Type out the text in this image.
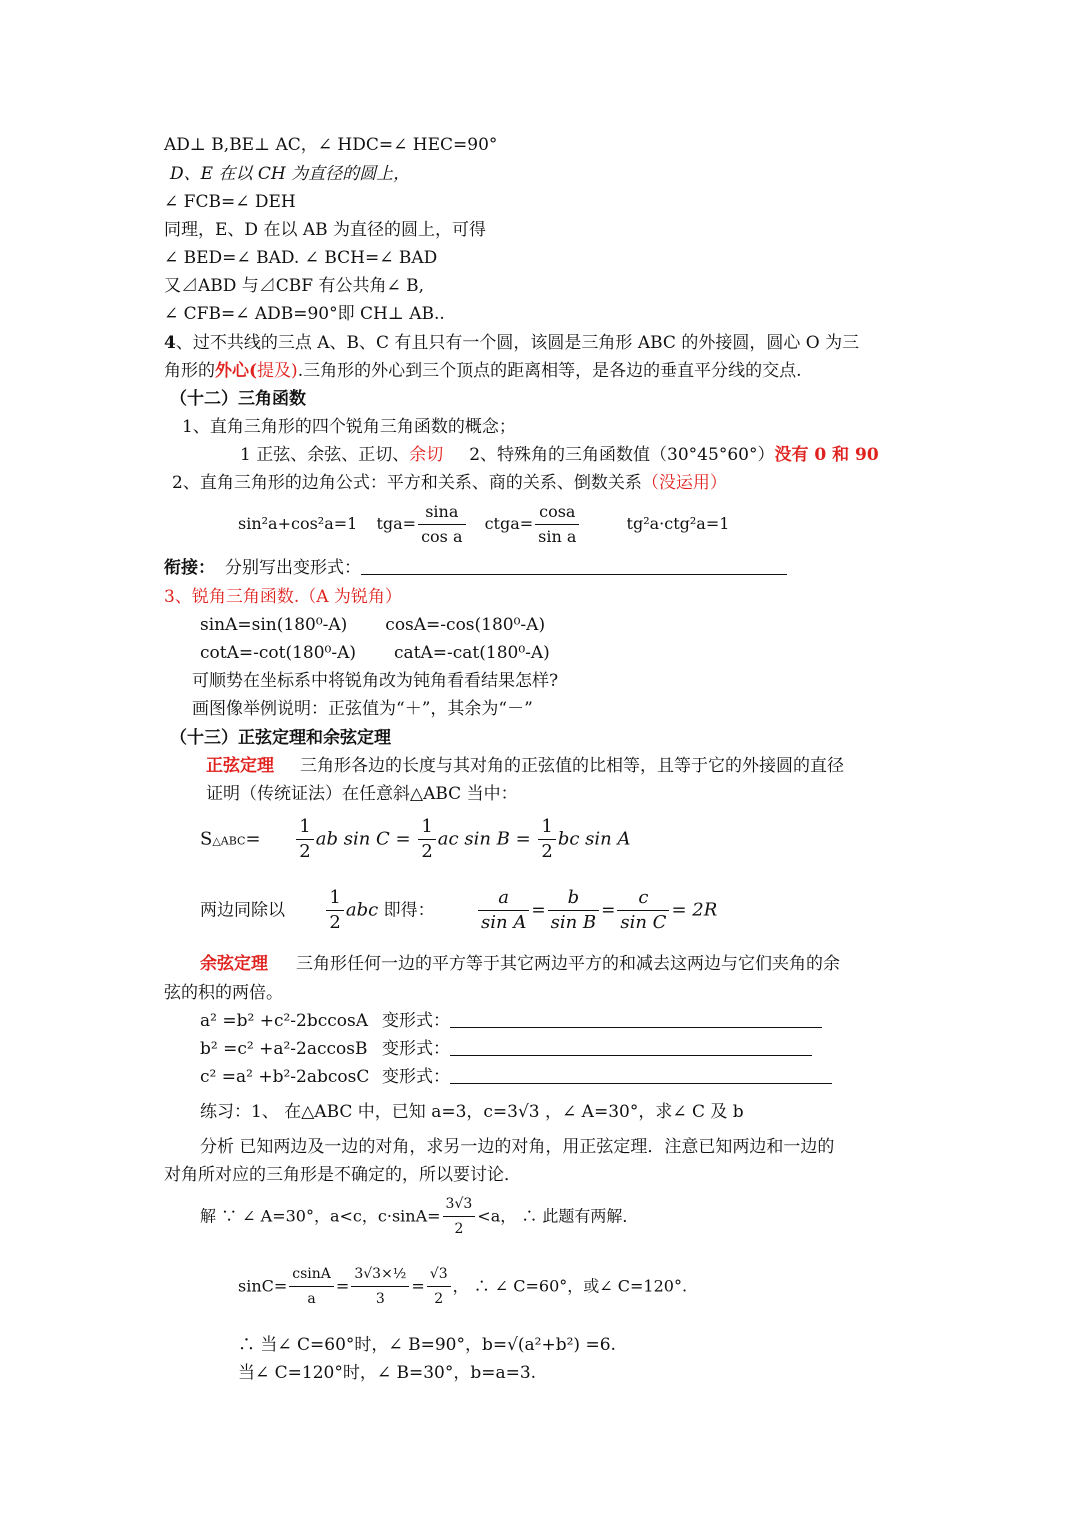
AD⊥ B,BE⊥ AC，∠ HDC=∠ HEC=90°
D、E 在以 CH 为直径的圆上，
∠ FCB=∠ DEH
同理，E、D 在以 AB 为直径的圆上，可得
∠ BED=∠ BAD. ∠ BCH=∠ BAD
又⊿ABD 与⊿CBF 有公共角∠ B,
∠ CFB=∠ ADB=90°即 CH⊥ AB..
4、过不共线的三点 A、B、C 有且只有一个圆，该圆是三角形 ABC 的外接圆，圆心 O 为三
角形的外心(提及).三角形的外心到三个顶点的距离相等，是各边的垂直平分线的交点.
（十二）三角函数
1、直角三角形的四个锐角三角函数的概念；
1 正弦、余弦、正切、余切 2、特殊角的三角函数值（30°45°60°）没有 0 和 90
2、直角三角形的边角公式：平方和关系、商的关系、倒数关系（没运用）
sin²a+cos²a=1 $tga= \frac{\sin a}{\text{cos a}}$ ctga= $\frac{\cos a}{\text{sin a}}$	tg²a·ctg²a=1
衔接： 分别写出变形式：
3、锐角三角函数.（A 为锐角）
sinA=sin(180⁰-A) cosA=-cos(180⁰-A)
cotA=-cot(180⁰-A) catA=-cat(180⁰-A)
可顺势在坐标系中将锐角改为钝角看看结果怎样?
画图像举例说明：正弦值为“＋”，其余为“－”
（十三）正弦定理和余弦定理
正弦定理 三角形各边的长度与其对角的正弦值的比相等，且等于它的外接圆的直径
证明（传统证法）在任意斜△ABC 当中：
S△ABC= $\frac{1}{2}$ ab $\sin C = \frac{1}{2}$ ac $\sin B = \frac{1}{2}$ bc sin A
两边同除以 $\frac{1}{2}$ abc 即得： $\frac{a}{\text{sin A}} = \frac{b}{\text{sin B}} = \frac{c}{\text{sin C}} = 2R$
余弦定理 三角形任何一边的平方等于其它两边平方的和减去这两边与它们夹角的余
弦的积的两倍。
a² =b² +c²-2bccosA 变形式：
b² =c² +a²-2accosB 变形式：
c² =a² +b²-2abcosC 变形式：
练习：1、 在△ABC 中，已知 a=3，c=3√3 ，∠ A=30°，求∠ C 及 b
分析 已知两边及一边的对角，求另一边的对角，用正弦定理．注意已知两边和一边的
对角所对应的三角形是不确定的，所以要讨论．
解 ∵ ∠ A=30°，a<c，$c\cdot\sin A= \frac{3√3}{2} <a$， ∴ 此题有两解．
$\sin C= \frac{csinA}{a} = \frac{\text{3√3×½}}{3} = \frac{√3}{2}$ ， ∴ ∠ C=60°，或∠ C=120°.
∴ 当∠ C=60°时，∠ B=90°，b=√(a²+b²) =6.
当∠ C=120°时，∠ B=30°，b=a=3.
